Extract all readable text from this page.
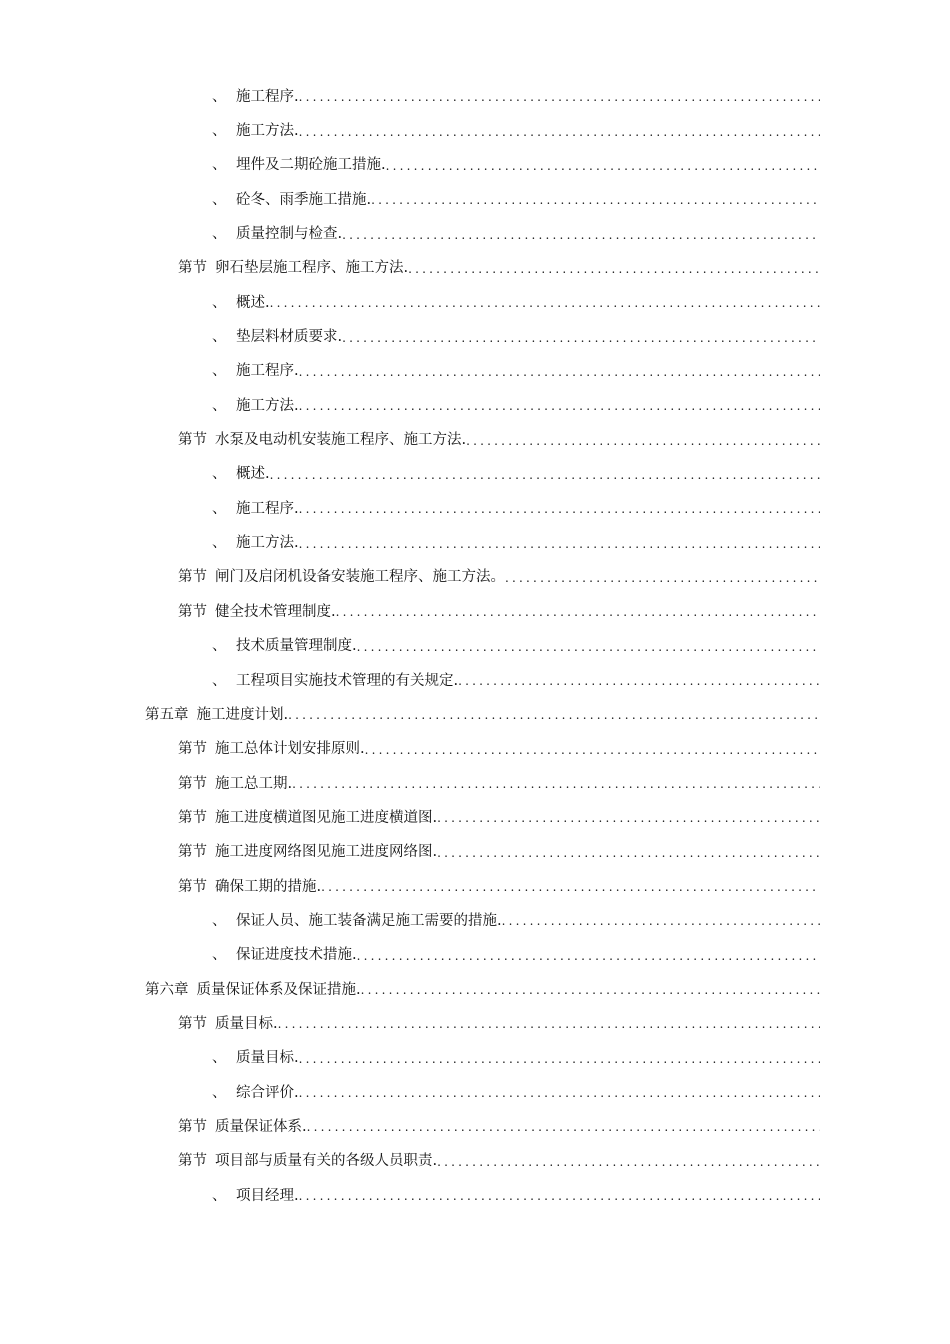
、 施工程序.
.....
、 施工方法.
.....
、 埋件及二期砼施工措施.
.....
、 砼冬、雨季施工措施.
.....
、 质量控制与检查.
.....
第节 卵石垫层施工程序、施工方法.
.....
、 概述.
.....
、 垫层料材质要求.
.....
、 施工程序.
.....
、 施工方法.
.....
第节 水泵及电动机安装施工程序、施工方法.
.....
、 概述.
.....
、 施工程序.
.....
、 施工方法.
.....
第节 闸门及启闭机设备安装施工程序、施工方法。
.....
第节 健全技术管理制度.
.....
、 技术质量管理制度.
.....
、 工程项目实施技术管理的有关规定.
.....
第五章 施工进度计划.
.....
第节 施工总体计划安排原则.
.....
第节 施工总工期.
.....
第节 施工进度横道图见施工进度横道图.
.....
第节 施工进度网络图见施工进度网络图.
.....
第节 确保工期的措施.
.....
、 保证人员、施工装备满足施工需要的措施.
.....
、 保证进度技术措施.
.....
第六章 质量保证体系及保证措施.
.....
第节 质量目标.
.....
、 质量目标.
.....
、 综合评价.
.....
第节 质量保证体系.
.....
第节 项目部与质量有关的各级人员职责.
.....
、 项目经理.
.....
